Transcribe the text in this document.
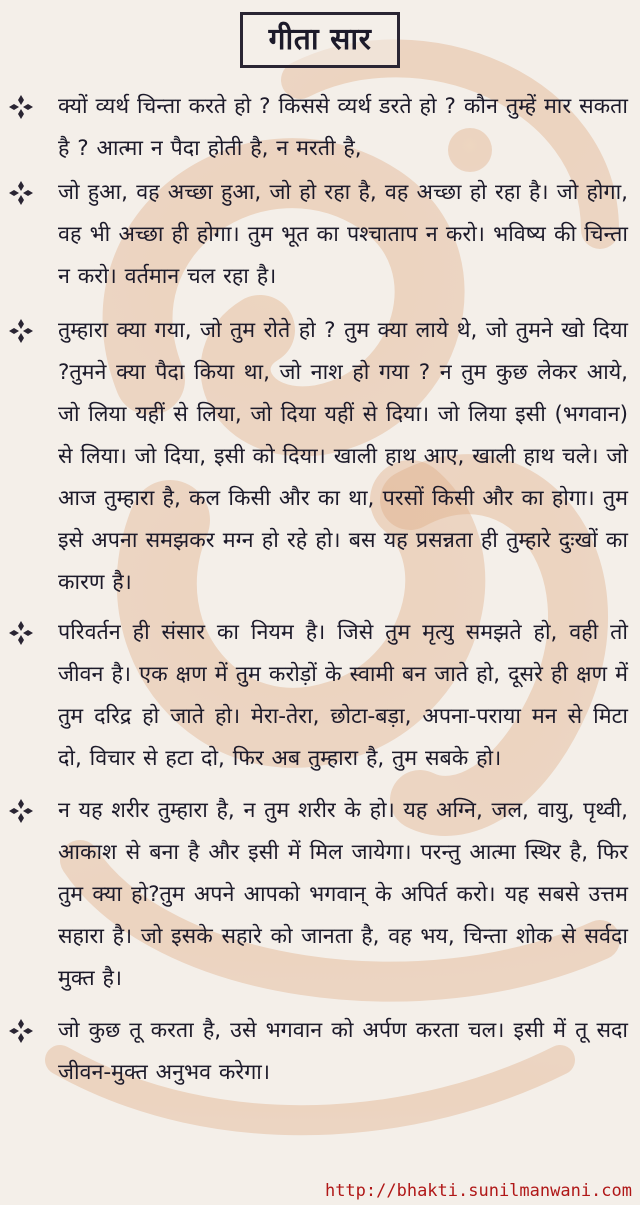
गीता सार
क्यों व्यर्थ चिन्ता करते हो ? किससे व्यर्थ डरते हो ? कौन तुम्हें मार सकता है ? आत्मा न पैदा होती है, न मरती है,
जो हुआ, वह अच्छा हुआ, जो हो रहा है, वह अच्छा हो रहा है। जो होगा, वह भी अच्छा ही होगा। तुम भूत का पश्चाताप न करो। भविष्य की चिन्ता न करो। वर्तमान चल रहा है।
तुम्हारा क्या गया, जो तुम रोते हो ? तुम क्या लाये थे, जो तुमने खो दिया ?तुमने क्या पैदा किया था, जो नाश हो गया ? न तुम कुछ लेकर आये, जो लिया यहीं से लिया, जो दिया यहीं से दिया। जो लिया इसी (भगवान) से लिया। जो दिया, इसी को दिया। खाली हाथ आए, खाली हाथ चले। जो आज तुम्हारा है, कल किसी और का था, परसों किसी और का होगा। तुम इसे अपना समझकर मग्न हो रहे हो। बस यह प्रसन्नता ही तुम्हारे दुःखों का कारण है।
परिवर्तन ही संसार का नियम है। जिसे तुम मृत्यु समझते हो, वही तो जीवन है। एक क्षण में तुम करोड़ों के स्वामी बन जाते हो, दूसरे ही क्षण में तुम दरिद्र हो जाते हो। मेरा-तेरा, छोटा-बड़ा, अपना-पराया मन से मिटा दो, विचार से हटा दो, फिर अब तुम्हारा है, तुम सबके हो।
न यह शरीर तुम्हारा है, न तुम शरीर के हो। यह अग्नि, जल, वायु, पृथ्वी, आकाश से बना है और इसी में मिल जायेगा। परन्तु आत्मा स्थिर है, फिर तुम क्या हो?तुम अपने आपको भगवान् के अपिर्त करो। यह सबसे उत्तम सहारा है। जो इसके सहारे को जानता है, वह भय, चिन्ता शोक से सर्वदा मुक्त है।
जो कुछ तू करता है, उसे भगवान को अर्पण करता चल। इसी में तू सदा जीवन-मुक्त अनुभव करेगा।
http://bhakti.sunilmanwani.com
